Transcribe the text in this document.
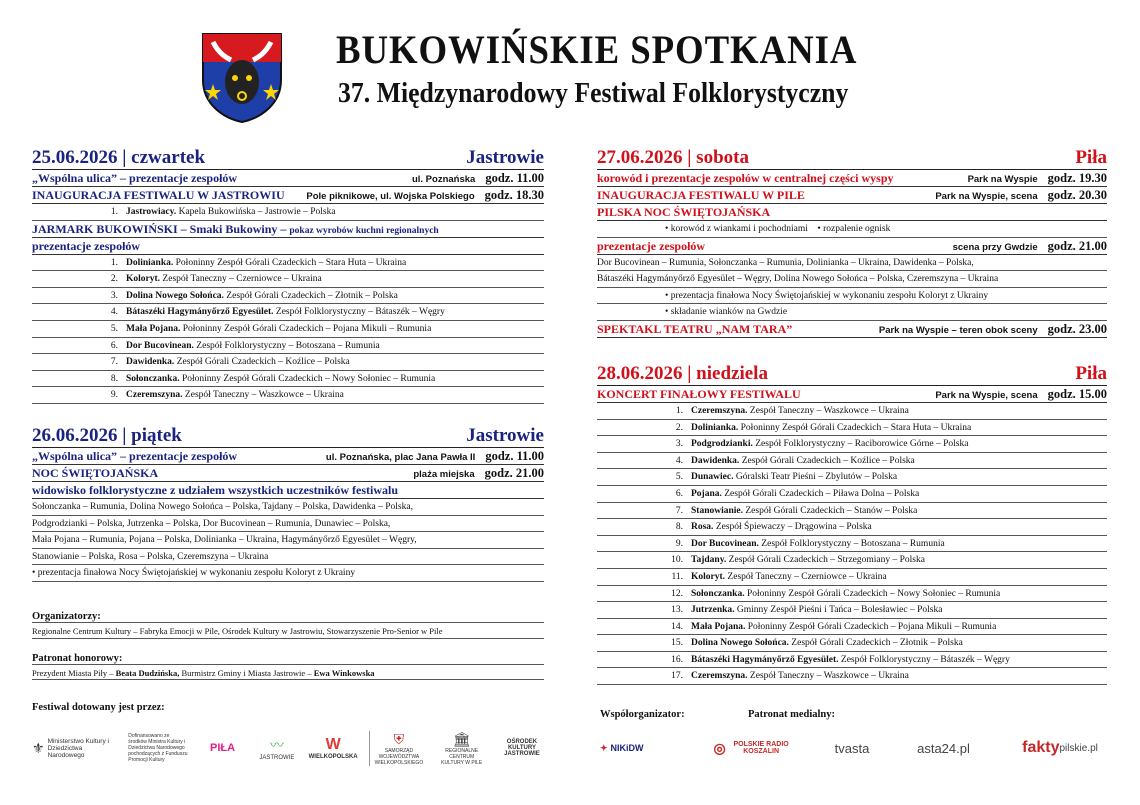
BUKOWIŃSKIE SPOTKANIA
37. Międzynarodowy Festiwal Folklorystyczny
25.06.2026 | czwartek	Jastrowie
„Wspólna ulica” – prezentacje zespołów	ul. Poznańska godz. 11.00
INAUGURACJA FESTIWALU W JASTROWIU Pole piknikowe, ul. Wojska Polskiego godz. 18.30
1. Jastrowiacy. Kapela Bukowińska – Jastrowie – Polska
JARMARK BUKOWIŃSKI – Smaki Bukowiny – pokaz wyrobów kuchni regionalnych
prezentacje zespołów
1. Dolinianka. Połoninny Zespół Górali Czadeckich – Stara Huta – Ukraina
2. Koloryt. Zespół Taneczny – Czerniowce – Ukraina
3. Dolina Nowego Sołońca. Zespół Górali Czadeckich – Złotnik – Polska
4. Bátaszéki Hagymányőrző Egyesület. Zespół Folklorystyczny – Bátaszék – Węgry
5. Mała Pojana. Połoninny Zespół Górali Czadeckich – Pojana Mikuli – Rumunia
6. Dor Bucovinean. Zespół Folklorystyczny – Botoszana – Rumunia
7. Dawidenka. Zespół Górali Czadeckich – Koźlice – Polska
8. Sołonczanka. Połoninny Zespół Górali Czadeckich – Nowy Sołoniec – Rumunia
9. Czeremszyna. Zespół Taneczny – Waszkowce – Ukraina
26.06.2026 | piątek	Jastrowie
„Wspólna ulica” – prezentacje zespołów	ul. Poznańska, plac Jana Pawła II godz. 11.00
NOC ŚWIĘTOJAŃSKA	plaża miejska godz. 21.00
widowisko folklorystyczne z udziałem wszystkich uczestników festiwalu
Sołonczanka – Rumunia, Dolina Nowego Sołońca – Polska, Tajdany – Polska, Dawidenka – Polska,
Podgrodzianki – Polska, Jutrzenka – Polska, Dor Bucovinean – Rumunia, Dunawiec – Polska,
Mała Pojana – Rumunia, Pojana – Polska, Dolinianka – Ukraina, Hagymányőrző Egyesület – Węgry,
Stanowianie – Polska, Rosa – Polska, Czeremszyna – Ukraina
• prezentacja finałowa Nocy Świętojańskiej w wykonaniu zespołu Koloryt z Ukrainy
Organizatorzy:
Regionalne Centrum Kultury – Fabryka Emocji w Pile, Ośrodek Kultury w Jastrowiu, Stowarzyszenie Pro-Senior w Pile
Patronat honorowy:
Prezydent Miasta Piły – Beata Dudzińska, Burmistrz Gminy i Miasta Jastrowie – Ewa Winkowska
Festiwal dotowany jest przez:
⚜ Ministerstwo Kultury i Dziedzictwa Narodowego
Dofinansowano ze środków Ministra Kultury i Dziedzictwa Narodowego pochodzących z Funduszu Promocji Kultury
PIŁA 〰
JASTROWIE
W
WIELKOPOLSKA
⛨
SAMORZĄD WOJEWÓDZTWA WIELKOPOLSKIEGO
🏛
REGIONALNE CENTRUM KULTURY W PILE
OŚRODEK KULTURY JASTROWIE
27.06.2026 | sobota	Piła
korowód i prezentacje zespołów w centralnej części wyspy	Park na Wyspie godz. 19.30
INAUGURACJA FESTIWALU W PILE	Park na Wyspie, scena godz. 20.30
PILSKA NOC ŚWIĘTOJAŃSKA
• korowód z wiankami i pochodniami    • rozpalenie ognisk
prezentacje zespołów	scena przy Gwdzie godz. 21.00
Dor Bucovinean – Rumunia, Sołonczanka – Rumunia, Dolinianka – Ukraina, Dawidenka – Polska,
Bátaszéki Hagymányőrző Egyesület – Węgry, Dolina Nowego Sołońca – Polska, Czeremszyna – Ukraina
• prezentacja finałowa Nocy Świętojańskiej w wykonaniu zespołu Koloryt z Ukrainy
• składanie wianków na Gwdzie
SPEKTAKL TEATRU „NAM TARA”	Park na Wyspie – teren obok sceny godz. 23.00
28.06.2026 | niedziela	Piła
KONCERT FINAŁOWY FESTIWALU	Park na Wyspie, scena godz. 15.00
1. Czeremszyna. Zespół Taneczny – Waszkowce – Ukraina
2. Dolinianka. Połoninny Zespół Górali Czadeckich – Stara Huta – Ukraina
3. Podgrodzianki. Zespół Folklorystyczny – Raciborowice Górne – Polska
4. Dawidenka. Zespół Górali Czadeckich – Koźlice – Polska
5. Dunawiec. Góralski Teatr Pieśni – Zbylutów – Polska
6. Pojana. Zespół Górali Czadeckich – Piława Dolna – Polska
7. Stanowianie. Zespół Górali Czadeckich – Stanów – Polska
8. Rosa. Zespół Śpiewaczy – Drągowina – Polska
9. Dor Bucovinean. Zespół Folklorystyczny – Botoszana – Rumunia
10. Tajdany. Zespół Górali Czadeckich – Strzegomiany – Polska
11. Koloryt. Zespół Taneczny – Czerniowce – Ukraina
12. Sołonczanka. Połoninny Zespół Górali Czadeckich – Nowy Sołoniec – Rumunia
13. Jutrzenka. Gminny Zespół Pieśni i Tańca – Bolesławiec – Polska
14. Mała Pojana. Połoninny Zespół Górali Czadeckich – Pojana Mikuli – Rumunia
15. Dolina Nowego Sołońca. Zespół Górali Czadeckich – Złotnik – Polska
16. Bátaszéki Hagymányőrző Egyesület. Zespół Folklorystyczny – Bátaszék – Węgry
17. Czeremszyna. Zespół Taneczny – Waszkowce – Ukraina
Współorganizator:	Patronat medialny:
✦ NIKiDW	◎	POLSKIE RADIO KOSZALIN	tvasta	asta24.pl	fakty pilskie.pl
